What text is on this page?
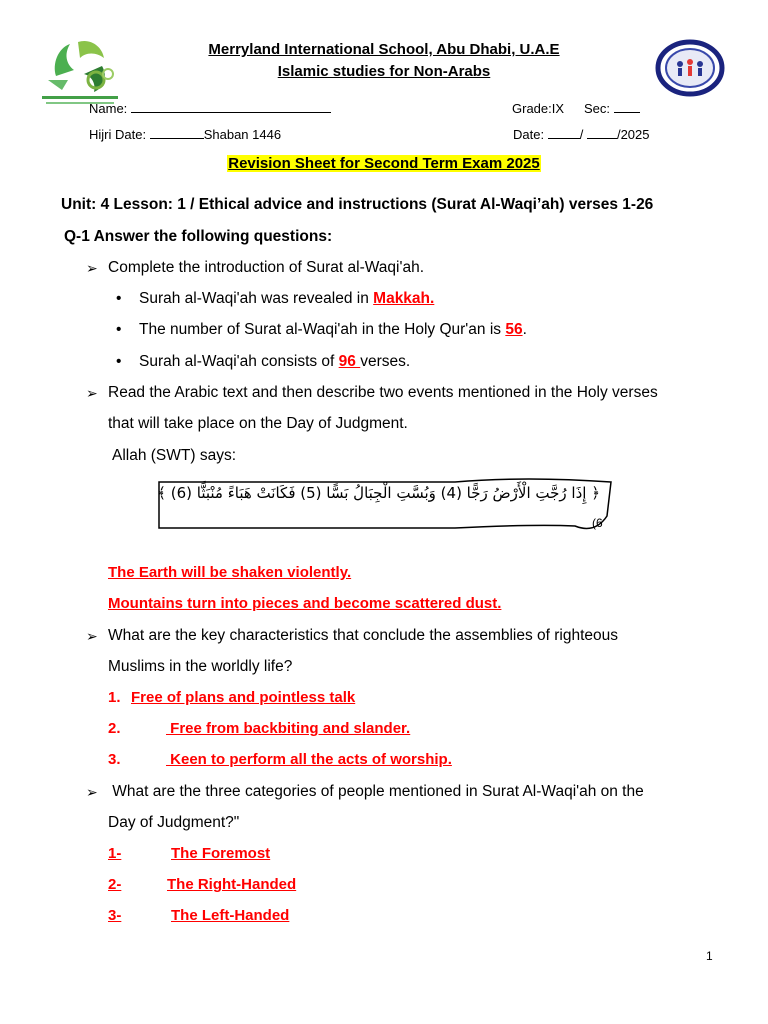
Merryland International School, Abu Dhabi, U.A.E
Islamic studies for Non-Arabs
Name:	Grade:IX Sec:
Hijri Date:	Shaban 1446	Date:	/	/2025
Revision Sheet for Second Term Exam 2025
Unit: 4 Lesson: 1 / Ethical advice and instructions (Surat Al-Waqi’ah) verses 1-26
Q-1 Answer the following questions:
➢ Complete the introduction of Surat al-Waqi'ah.
• Surah al-Waqi'ah was revealed in Makkah.
• The number of Surat al-Waqi'ah in the Holy Qur'an is 56.
• Surah al-Waqi'ah consists of 96 verses.
➢ Read the Arabic text and then describe two events mentioned in the Holy verses
that will take place on the Day of Judgment.
Allah (SWT) says:
﴿ إِذَا رُجَّتِ الْأَرْضُ رَجًّا (4) وَبُسَّتِ الْجِبَالُ بَسًّا (5) فَكَانَتْ هَبَاءً مُنْبَثًّا (6) ﴾
(6
The Earth will be shaken violently.
Mountains turn into pieces and become scattered dust.
➢ What are the key characteristics that conclude the assemblies of righteous
Muslims in the worldly life?
1. Free of plans and pointless talk
2.	Free from backbiting and slander.
3.	Keen to perform all the acts of worship.
➢ What are the three categories of people mentioned in Surat Al-Waqi'ah on the
Day of Judgment?"
1-	The Foremost
2-	The Right-Handed
3-	The Left-Handed
1
